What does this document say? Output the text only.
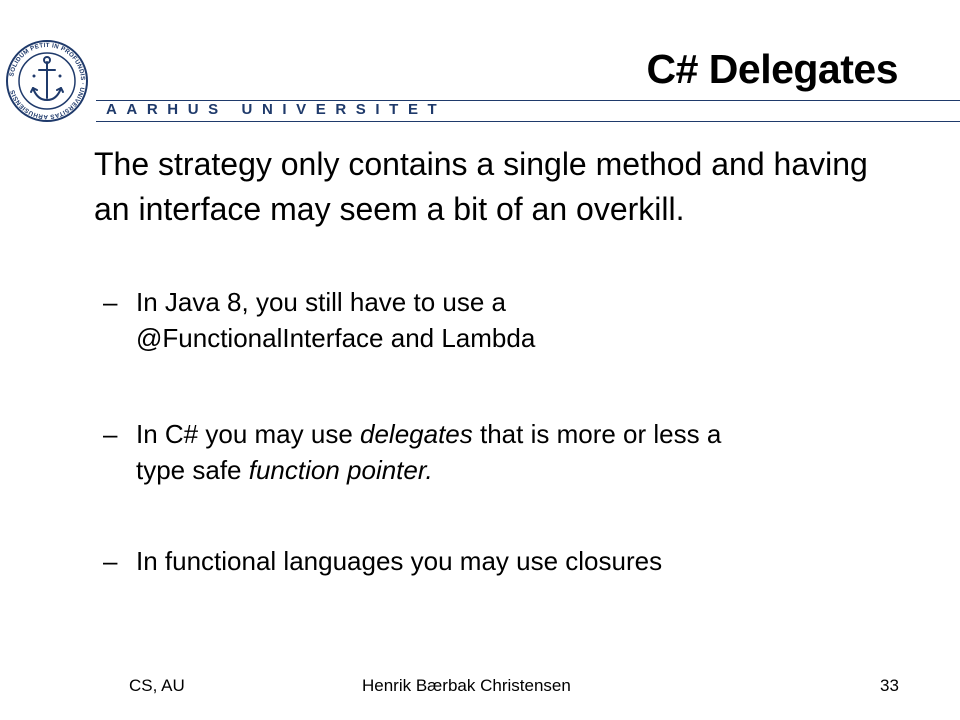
SOLIDUM PETIT IN PROFUNDIS · UNIVERSITAS ARHUSIENSIS
AARHUS UNIVERSITET
C# Delegates
The strategy only contains a single method and having an interface may seem a bit of an overkill.
– In Java 8, you still have to use a
@FunctionalInterface and Lambda
– In C# you may use delegates that is more or less a
type safe function pointer.
– In functional languages you may use closures
CS, AU	Henrik Bærbak Christensen	33
